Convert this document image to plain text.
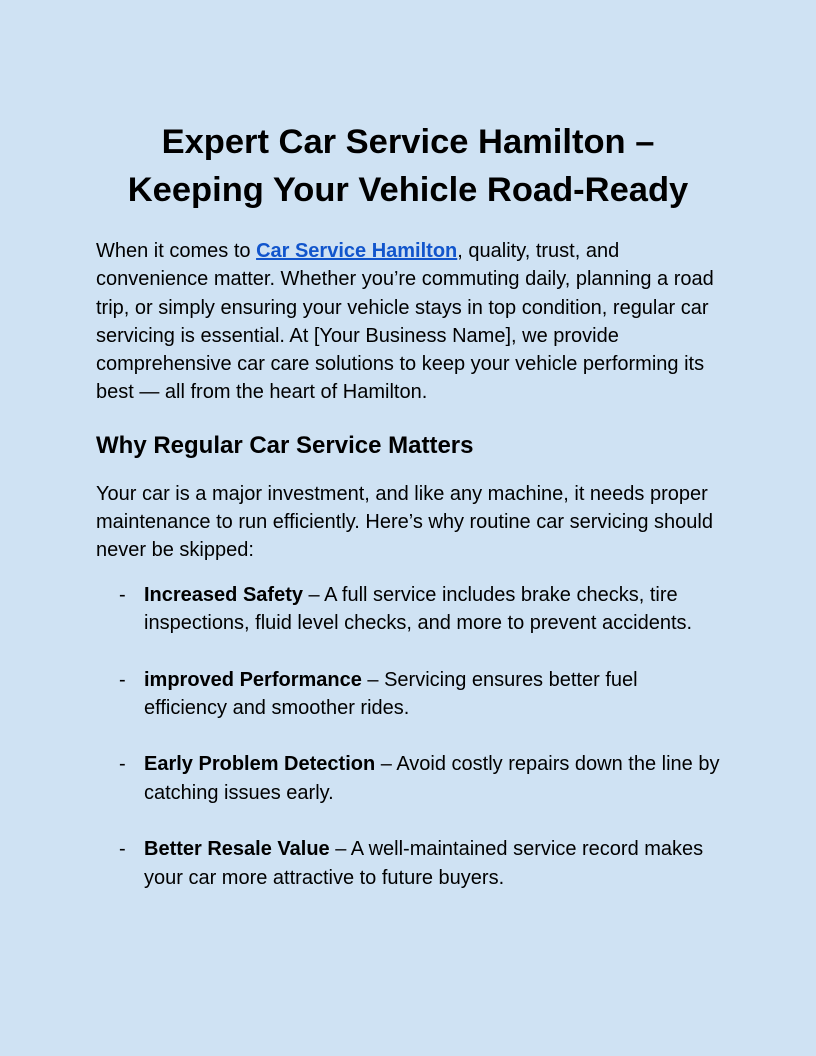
Expert Car Service Hamilton –
Keeping Your Vehicle Road-Ready

When it comes to Car Service Hamilton, quality, trust, and convenience matter. Whether you’re commuting daily, planning a road trip, or simply ensuring your vehicle stays in top condition, regular car servicing is essential. At [Your Business Name], we provide comprehensive car care solutions to keep your vehicle performing its best — all from the heart of Hamilton.

Why Regular Car Service Matters

Your car is a major investment, and like any machine, it needs proper maintenance to run efficiently. Here’s why routine car servicing should never be skipped:

- Increased Safety – A full service includes brake checks, tire inspections, fluid level checks, and more to prevent accidents.
- improved Performance – Servicing ensures better fuel efficiency and smoother rides.
- Early Problem Detection – Avoid costly repairs down the line by catching issues early.
- Better Resale Value – A well-maintained service record makes your car more attractive to future buyers.
